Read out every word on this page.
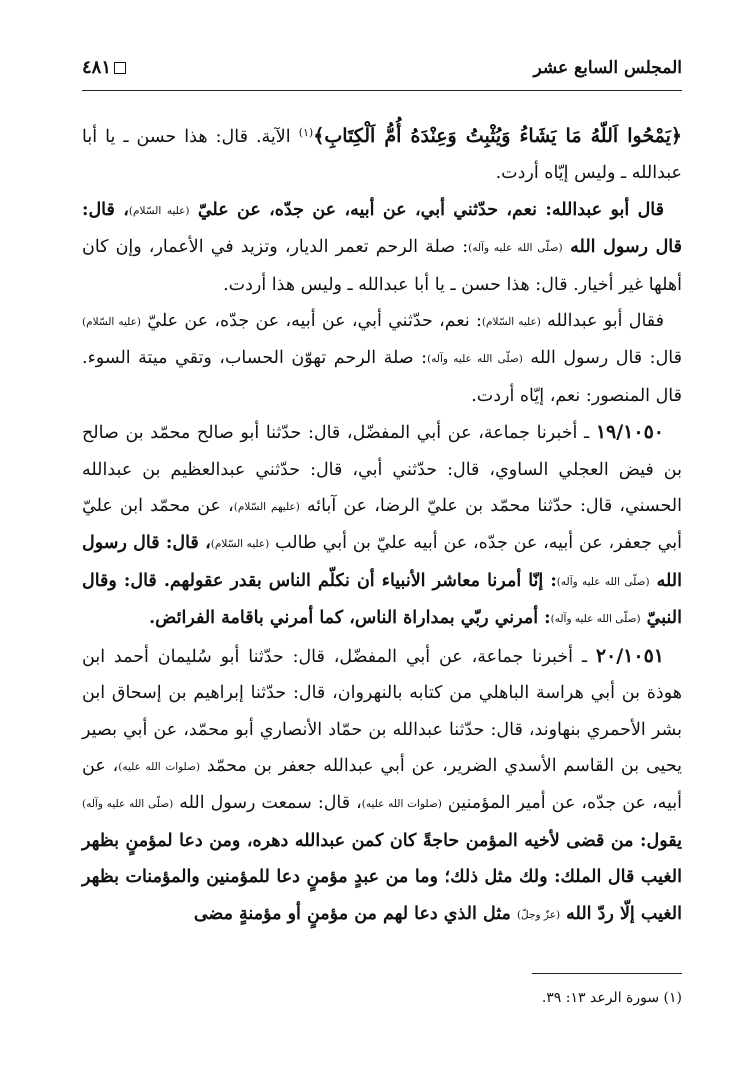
المجلس السابع عشر
٤٨١

﴿يَمْحُوا اَللّهُ مَا يَشَاءُ وَيُثْبِتُ وَعِنْدَهُ أُمُّ اَلْكِتَابِ﴾$^{(١)}$ الآية. قال: هذا حسن ـ يا أبا عبدالله ـ وليس إيّاه أردت.

قال أبو عبدالله: نعم، حدّثني أبي، عن أبيه، عن جدّه، عن عليّ (عليه السّلام)، قال: قال رسول الله (صلّى الله عليه وآله): صلة الرحم تعمر الديار، وتزيد في الأعمار، وإن كان أهلها غير أخيار. قال: هذا حسن ـ يا أبا عبدالله ـ وليس هذا أردت.

فقال أبو عبدالله (عليه السّلام): نعم، حدّثني أبي، عن أبيه، عن جدّه، عن عليّ (عليه السّلام) قال: قال رسول الله (صلّى الله عليه وآله): صلة الرحم تهوّن الحساب، وتقي ميتة السوء. قال المنصور: نعم، إيّاه أردت.

١٩/١٠٥٠ ـ أخبرنا جماعة، عن أبي المفضّل، قال: حدّثنا أبو صالح محمّد بن صالح بن فيض العجلي الساوي، قال: حدّثني أبي، قال: حدّثني عبدالعظيم بن عبدالله الحسني، قال: حدّثنا محمّد بن عليّ الرضا، عن آبائه (عليهم السّلام)، عن محمّد ابن عليّ أبي جعفر، عن أبيه، عن جدّه، عن أبيه عليّ بن أبي طالب (عليه السّلام)، قال: قال رسول الله (صلّى الله عليه وآله): إنّا أمرنا معاشر الأنبياء أن نكلّم الناس بقدر عقولهم. قال: وقال النبيّ (صلّى الله عليه وآله): أمرني ربّي بمداراة الناس، كما أمرني باقامة الفرائض.

٢٠/١٠٥١ ـ أخبرنا جماعة، عن أبي المفضّل، قال: حدّثنا أبو سُليمان أحمد ابن هوذة بن أبي هراسة الباهلي من كتابه بالنهروان، قال: حدّثنا إبراهيم بن إسحاق ابن بشر الأحمري بنهاوند، قال: حدّثنا عبدالله بن حمّاد الأنصاري أبو محمّد، عن أبي بصير يحيى بن القاسم الأسدي الضرير، عن أبي عبدالله جعفر بن محمّد (صلوات الله عليه)، عن أبيه، عن جدّه، عن أمير المؤمنين (صلوات الله عليه)، قال: سمعت رسول الله (صلّى الله عليه وآله) يقول: من قضى لأخيه المؤمن حاجةً كان كمن عبدالله دهره، ومن دعا لمؤمنٍ بظهر الغيب قال الملك: ولك مثل ذلك؛ وما من عبدٍ مؤمنٍ دعا للمؤمنين والمؤمنات بظهر الغيب إلّا ردّ الله (عزّ وجلّ) مثل الذي دعا لهم من مؤمنٍ أو مؤمنةٍ مضى

(١) سورة الرعد ١٣: ٣٩.
